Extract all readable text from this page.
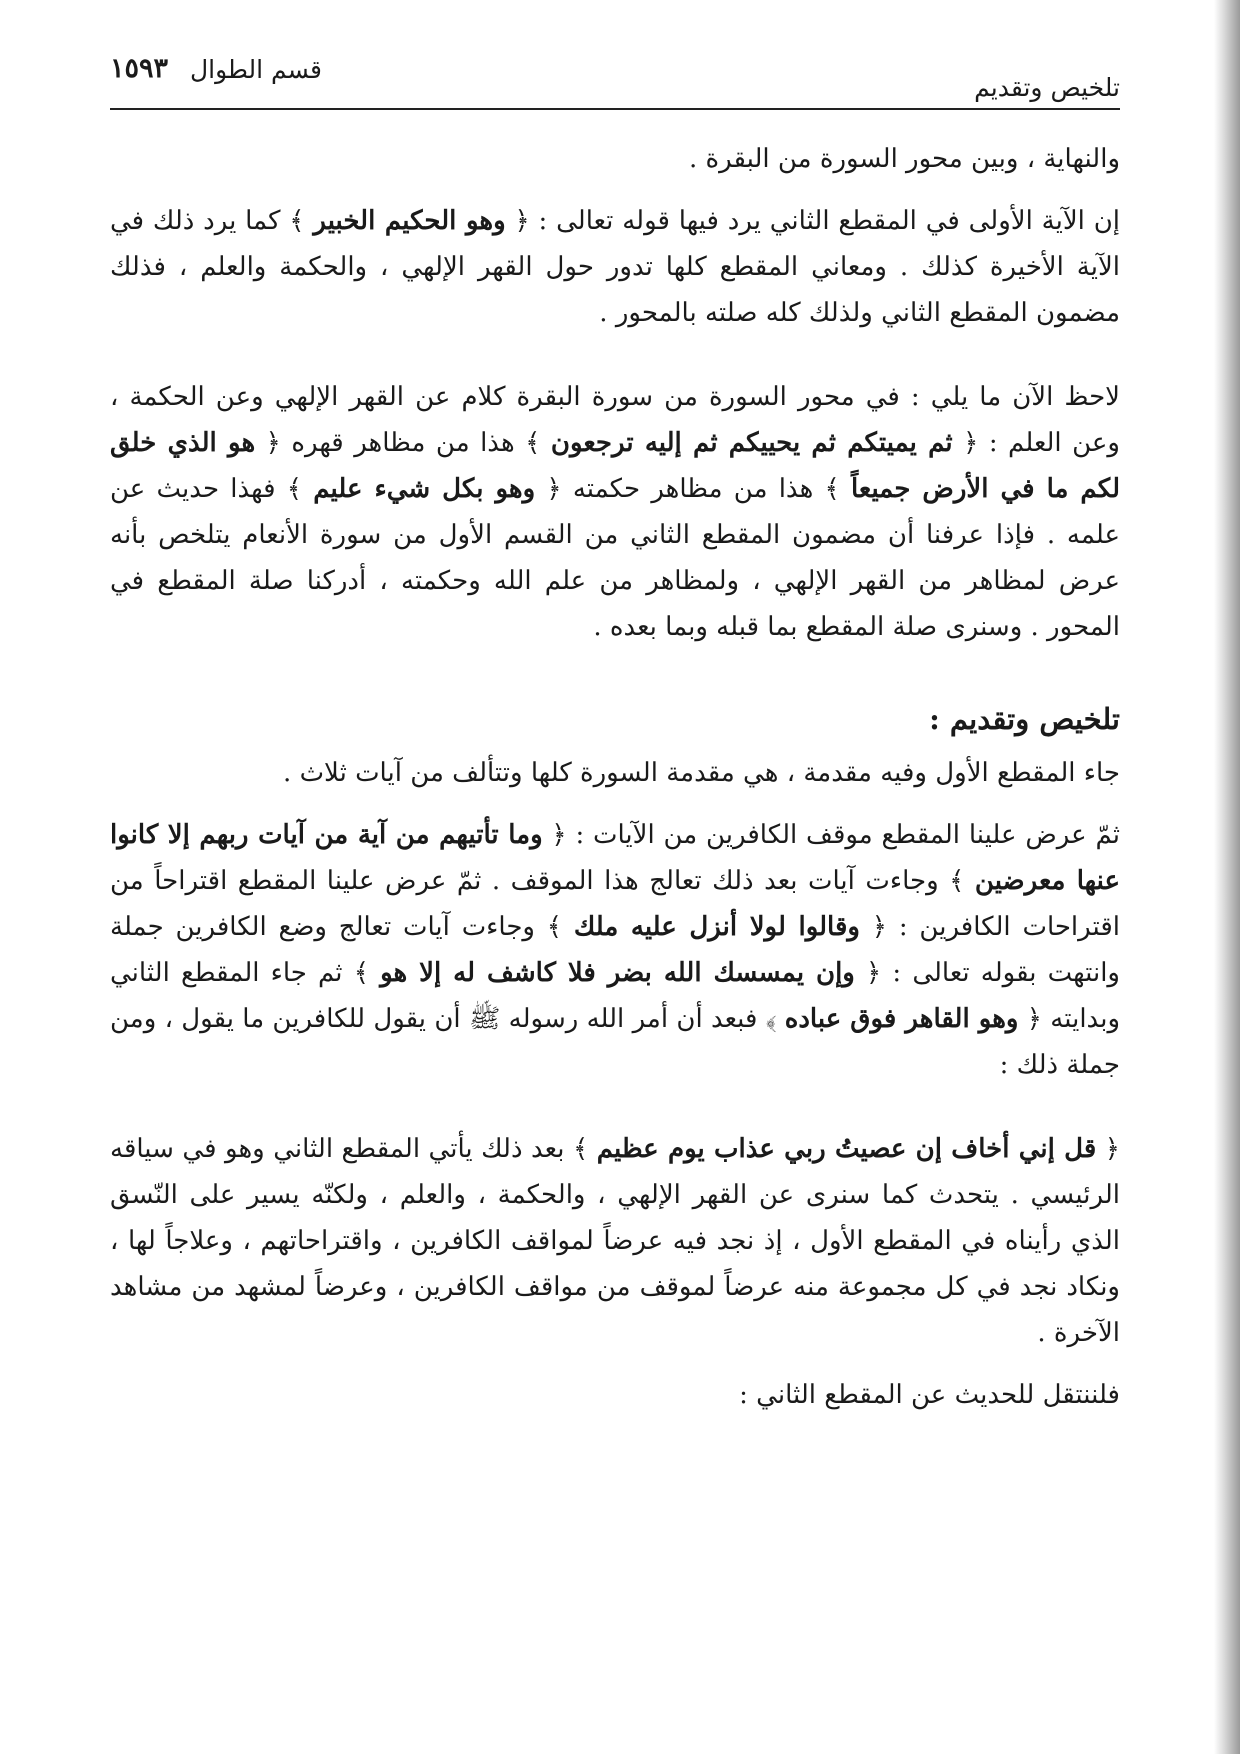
تلخيص وتقديم
قسم الطوال
١٥٩٣

والنهاية ، وبين محور السورة من البقرة .

إن الآية الأولى في المقطع الثاني يرد فيها قوله تعالى : ﴿ وهو الحكيم الخبير ﴾ كما يرد ذلك في الآية الأخيرة كذلك . ومعاني المقطع كلها تدور حول القهر الإلهي ، والحكمة والعلم ، فذلك مضمون المقطع الثاني ولذلك كله صلته بالمحور .

لاحظ الآن ما يلي : في محور السورة من سورة البقرة كلام عن القهر الإلهي وعن الحكمة ، وعن العلم : ﴿ ثم يميتكم ثم يحييكم ثم إليه ترجعون ﴾ هذا من مظاهر قهره ﴿ هو الذي خلق لكم ما في الأرض جميعاً ﴾ هذا من مظاهر حكمته ﴿ وهو بكل شيء عليم ﴾ فهذا حديث عن علمه . فإذا عرفنا أن مضمون المقطع الثاني من القسم الأول من سورة الأنعام يتلخص بأنه عرض لمظاهر من القهر الإلهي ، ولمظاهر من علم الله وحكمته ، أدركنا صلة المقطع في المحور . وسنرى صلة المقطع بما قبله وبما بعده .

تلخيص وتقديم :

جاء المقطع الأول وفيه مقدمة ، هي مقدمة السورة كلها وتتألف من آيات ثلاث .

ثمّ عرض علينا المقطع موقف الكافرين من الآيات : ﴿ وما تأتيهم من آية من آيات ربهم إلا كانوا عنها معرضين ﴾ وجاءت آيات بعد ذلك تعالج هذا الموقف . ثمّ عرض علينا المقطع اقتراحاً من اقتراحات الكافرين : ﴿ وقالوا لولا أنزل عليه ملك ﴾ وجاءت آيات تعالج وضع الكافرين جملة وانتهت بقوله تعالى : ﴿ وإن يمسسك الله بضر فلا كاشف له إلا هو ﴾ ثم جاء المقطع الثاني وبدايته ﴿ وهو القاهر فوق عباده ﴾ فبعد أن أمر الله رسوله ﷺ أن يقول للكافرين ما يقول ، ومن جملة ذلك :

﴿ قل إني أخاف إن عصيتُ ربي عذاب يوم عظيم ﴾ بعد ذلك يأتي المقطع الثاني وهو في سياقه الرئيسي . يتحدث كما سنرى عن القهر الإلهي ، والحكمة ، والعلم ، ولكنّه يسير على النّسق الذي رأيناه في المقطع الأول ، إذ نجد فيه عرضاً لمواقف الكافرين ، واقتراحاتهم ، وعلاجاً لها ، ونكاد نجد في كل مجموعة منه عرضاً لموقف من مواقف الكافرين ، وعرضاً لمشهد من مشاهد الآخرة .

فلننتقل للحديث عن المقطع الثاني :
